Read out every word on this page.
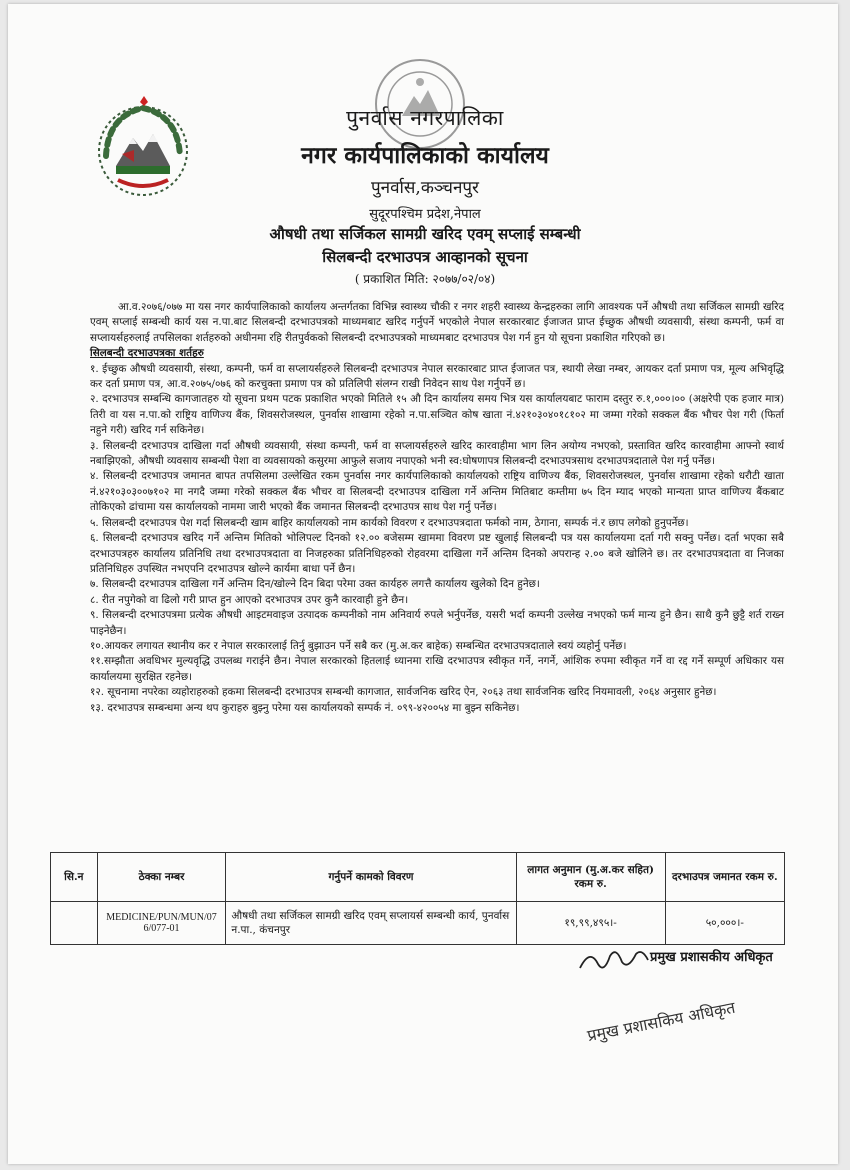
पुनर्वास नगरपालिका
नगर कार्यपालिकाको कार्यालय
पुनर्वास,कञ्चनपुर
सुदूरपश्चिम प्रदेश,नेपाल
औषधी तथा सर्जिकल सामग्री खरिद एवम् सप्लाई सम्बन्धी
सिलबन्दी दरभाउपत्र आव्हानको सूचना
( प्रकाशित मिति: २०७७/०२/०४)

आ.व.२०७६/०७७ मा यस नगर कार्यपालिकाको कार्यालय अन्तर्गतका विभिन्न स्वास्थ्य चौकी र नगर शहरी स्वास्थ्य केन्द्रहरुका लागि आवश्यक पर्ने औषधी तथा सर्जिकल सामग्री खरिद एवम् सप्लाई सम्बन्धी कार्य यस न.पा.बाट सिलबन्दी दरभाउपत्रको माध्यमबाट खरिद गर्नुपर्ने भएकोले नेपाल सरकारबाट ईजाजत प्राप्त ईच्छुक औषधी व्यवसायी, संस्था कम्पनी, फर्म वा सप्लायर्सहरुलाई तपसिलका शर्तहरुको अधीनमा रहि रीतपुर्वकको सिलबन्दी दरभाउपत्रको माध्यमबाट दरभाउपत्र पेश गर्न हुन यो सूचना प्रकाशित गरिएको छ।

सिलबन्दी दरभाउपत्रका शर्तहरु

१. ईच्छुक औषधी व्यवसायी, संस्था, कम्पनी, फर्म वा सप्लायर्सहरुले सिलबन्दी दरभाउपत्र नेपाल सरकारबाट प्राप्त ईजाजत पत्र, स्थायी लेखा नम्बर, आयकर दर्ता प्रमाण पत्र, मूल्य अभिवृद्धि कर दर्ता प्रमाण पत्र, आ.व.२०७५/०७६ को करचुक्ता प्रमाण पत्र को प्रतिलिपी संलग्न राखी निवेदन साथ पेश गर्नुपर्ने छ।

२. दरभाउपत्र सम्बन्धि कागजातहरु यो सूचना प्रथम पटक प्रकाशित भएको मितिले १५ औ दिन कार्यालय समय भित्र यस कार्यालयबाट फाराम दस्तुर रु.१,०००।०० (अक्षरेपी एक हजार मात्र) तिरी वा यस न.पा.को राष्ट्रिय वाणिज्य बैंक, शिवसरोजस्थल, पुनर्वास शाखामा रहेको न.पा.सञ्चित कोष खाता नं.४२१०३०४०१८१०२ मा जम्मा गरेको सक्कल बैंक भौचर पेश गरी (फिर्ता नहुने गरी) खरिद गर्न सकिनेछ।

३. सिलबन्दी दरभाउपत्र दाखिला गर्दा औषधी व्यवसायी, संस्था कम्पनी, फर्म वा सप्लायर्सहरुले खरिद कारवाहीमा भाग लिन अयोग्य नभएको, प्रस्तावित खरिद कारवाहीमा आफ्नो स्वार्थ नबाझिएको, औषधी व्यवसाय सम्बन्धी पेशा वा व्यवसायको कसुरमा आफुले सजाय नपाएको भनी स्व:घोषणापत्र सिलबन्दी दरभाउपत्रसाथ दरभाउपत्रदाताले पेश गर्नु पर्नेछ।

४. सिलबन्दी दरभाउपत्र जमानत बापत तपसिलमा उल्लेखित रकम पुनर्वास नगर कार्यपालिकाको कार्यालयको राष्ट्रिय वाणिज्य बैंक, शिवसरोजस्थल, पुनर्वास शाखामा रहेको धरौटी खाता नं.४२१०३०३००७१०२ मा नगदै जम्मा गरेको सक्कल बैंक भौचर वा सिलबन्दी दरभाउपत्र दाखिला गर्ने अन्तिम मितिबाट कम्तीमा ७५ दिन म्याद भएको मान्यता प्राप्त वाणिज्य बैंकबाट तोकिएको ढांचामा यस कार्यालयको नाममा जारी भएको बैंक जमानत सिलबन्दी दरभाउपत्र साथ पेश गर्नु पर्नेछ।

५. सिलबन्दी दरभाउपत्र पेश गर्दा सिलबन्दी खाम बाहिर कार्यालयको नाम कार्यको विवरण र दरभाउपत्रदाता फर्मको नाम, ठेगाना, सम्पर्क नं.र छाप लगेको हुनुपर्नेछ।

६. सिलबन्दी दरभाउपत्र खरिद गर्ने अन्तिम मितिको भोलिपल्ट दिनको १२.०० बजेसम्म खाममा विवरण प्रष्ट खुलाई सिलबन्दी पत्र यस कार्यालयमा दर्ता गरी सक्नु पर्नेछ। दर्ता भएका सबै दरभाउपत्रहरु कार्यालय प्रतिनिधि तथा दरभाउपत्रदाता वा निजहरुका प्रतिनिधिहरुको रोहवरमा दाखिला गर्ने अन्तिम दिनको अपरान्ह २.०० बजे खोलिने छ। तर दरभाउपत्रदाता वा निजका प्रतिनिधिहरु उपस्थित नभएपनि दरभाउपत्र खोल्ने कार्यमा बाधा पर्ने छैन।

७. सिलबन्दी दरभाउपत्र दाखिला गर्ने अन्तिम दिन/खोल्ने दिन बिदा परेमा उक्त कार्यहरु लगत्तै कार्यालय खुलेको दिन हुनेछ।

८. रीत नपुगेको वा ढिलो गरी प्राप्त हुन आएको दरभाउपत्र उपर कुनै कारवाही हुने छैन।

९. सिलबन्दी दरभाउपत्रमा प्रत्येक औषधी आइटमवाइज उत्पादक कम्पनीको नाम अनिवार्य रुपले भर्नुपर्नेछ, यसरी भर्दा कम्पनी उल्लेख नभएको फर्म मान्य हुने छैन। साथै कुनै छुट्टै शर्त राख्न पाइनेछैन।

१०.आयकर लगायत स्थानीय कर र नेपाल सरकारलाई तिर्नु बुझाउन पर्ने सबै कर (मु.अ.कर बाहेक) सम्बन्धित दरभाउपत्रदाताले स्वयं व्यहोर्नु पर्नेछ।

११.सम्झौता अवधिभर मुल्यवृद्धि उपलब्ध गराईने छैन। नेपाल सरकारको हितलाई ध्यानमा राखि दरभाउपत्र स्वीकृत गर्ने, नगर्ने, आंशिक रुपमा स्वीकृत गर्ने वा रद्द गर्ने सम्पूर्ण अधिकार यस कार्यालयमा सुरक्षित रहनेछ।

१२. सूचनामा नपरेका व्यहोराहरुको हकमा सिलबन्दी दरभाउपत्र सम्बन्धी कागजात, सार्वजनिक खरिद ऐन, २०६३ तथा सार्वजनिक खरिद नियमावली, २०६४ अनुसार हुनेछ।

१३. दरभाउपत्र सम्बन्धमा अन्य थप कुराहरु बुझ्नु परेमा यस कार्यालयको सम्पर्क नं. ०९९-४२००५४ मा बुझ्न सकिनेछ।

सि.न	ठेक्का नम्बर	गर्नुपर्ने कामको विवरण	लागत अनुमान (मु.अ.कर सहित) रकम रु.	दरभाउपत्र जमानत रकम रु.
	MEDICINE/PUN/MUN/076/077-01	औषधी तथा सर्जिकल सामग्री खरिद एवम् सप्लायर्स सम्बन्धी कार्य, पुनर्वास न.पा., कंचनपुर	१९,९९,४९५।-	५०,०००।-
प्रमुख प्रशासकीय अधिकृत
प्रमुख प्रशासकिय अधिकृत
